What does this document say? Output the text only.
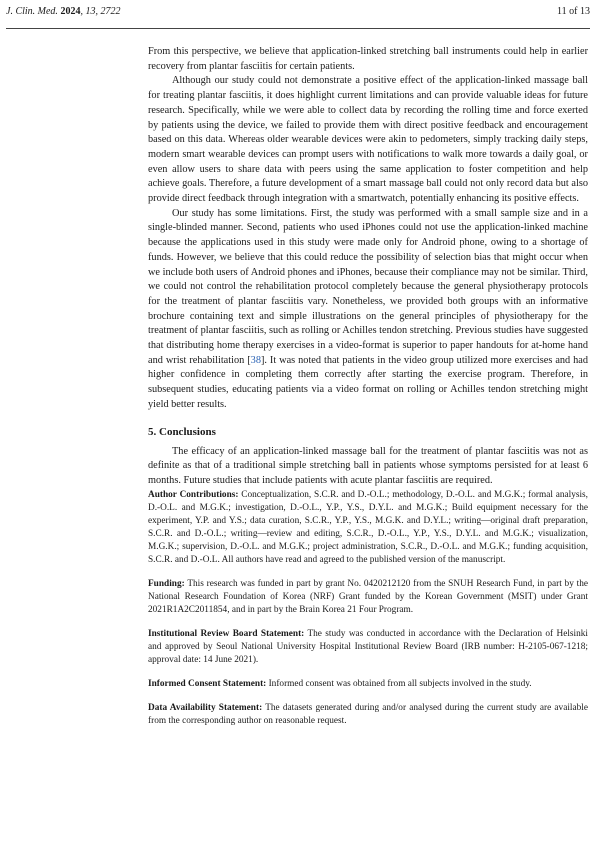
J. Clin. Med. 2024, 13, 2722	11 of 13

From this perspective, we believe that application-linked stretching ball instruments could help in earlier recovery from plantar fasciitis for certain patients.

Although our study could not demonstrate a positive effect of the application-linked massage ball for treating plantar fasciitis, it does highlight current limitations and can provide valuable ideas for future research. Specifically, while we were able to collect data by recording the rolling time and force exerted by patients using the device, we failed to provide them with direct positive feedback and encouragement based on this data. Whereas older wearable devices were akin to pedometers, simply tracking daily steps, modern smart wearable devices can prompt users with notifications to walk more towards a daily goal, or even allow users to share data with peers using the same application to foster competition and help achieve goals. Therefore, a future development of a smart massage ball could not only record data but also provide direct feedback through integration with a smartwatch, potentially enhancing its positive effects.

Our study has some limitations. First, the study was performed with a small sample size and in a single-blinded manner. Second, patients who used iPhones could not use the application-linked machine because the applications used in this study were made only for Android phone, owing to a shortage of funds. However, we believe that this could reduce the possibility of selection bias that might occur when we include both users of Android phones and iPhones, because their compliance may not be similar. Third, we could not control the rehabilitation protocol completely because the general physiotherapy protocols for the treatment of plantar fasciitis vary. Nonetheless, we provided both groups with an informative brochure containing text and simple illustrations on the general principles of physiotherapy for the treatment of plantar fasciitis, such as rolling or Achilles tendon stretching. Previous studies have suggested that distributing home therapy exercises in a video-format is superior to paper handouts for at-home hand and wrist rehabilitation [38]. It was noted that patients in the video group utilized more exercises and had higher confidence in completing them correctly after starting the exercise program. Therefore, in subsequent studies, educating patients via a video format on rolling or Achilles tendon stretching might yield better results.

5. Conclusions

The efficacy of an application-linked massage ball for the treatment of plantar fasciitis was not as definite as that of a traditional simple stretching ball in patients whose symptoms persisted for at least 6 months. Future studies that include patients with acute plantar fasciitis are required.

Author Contributions: Conceptualization, S.C.R. and D.-O.L.; methodology, D.-O.L. and M.G.K.; formal analysis, D.-O.L. and M.G.K.; investigation, D.-O.L., Y.P., Y.S., D.Y.L. and M.G.K.; Build equipment necessary for the experiment, Y.P. and Y.S.; data curation, S.C.R., Y.P., Y.S., M.G.K. and D.Y.L.; writing—original draft preparation, S.C.R. and D.-O.L.; writing—review and editing, S.C.R., D.-O.L., Y.P., Y.S., D.Y.L. and M.G.K.; visualization, M.G.K.; supervision, D.-O.L. and M.G.K.; project administration, S.C.R., D.-O.L. and M.G.K.; funding acquisition, S.C.R. and D.-O.L. All authors have read and agreed to the published version of the manuscript.

Funding: This research was funded in part by grant No. 0420212120 from the SNUH Research Fund, in part by the National Research Foundation of Korea (NRF) Grant funded by the Korean Government (MSIT) under Grant 2021R1A2C2011854, and in part by the Brain Korea 21 Four Program.

Institutional Review Board Statement: The study was conducted in accordance with the Declaration of Helsinki and approved by Seoul National University Hospital Institutional Review Board (IRB number: H-2105-067-1218; approval date: 14 June 2021).

Informed Consent Statement: Informed consent was obtained from all subjects involved in the study.

Data Availability Statement: The datasets generated during and/or analysed during the current study are available from the corresponding author on reasonable request.
